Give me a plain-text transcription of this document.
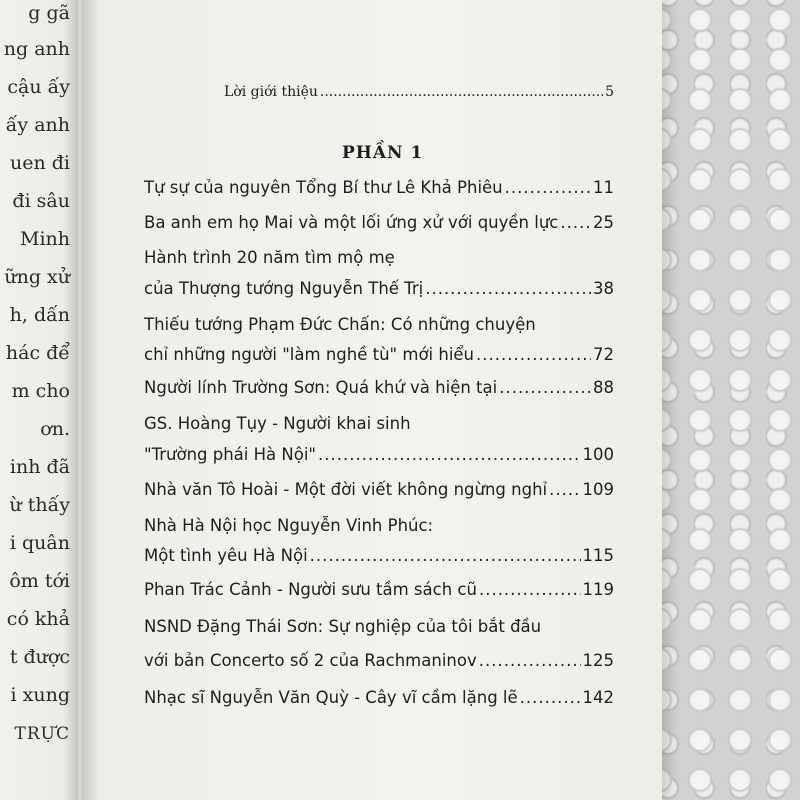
g gã
ng anh
cậu ấy
ấy anh
uen đi
đi sâu
Minh
ững xử
h, dấn
hác để
m cho
ơn.
inh đã
ừ thấy
i quân
ôm tới
có khả
t được
i xung
TRỰC
Lời giới thiệu .....	5
PHẦN 1
Tự sự của nguyên Tổng Bí thư Lê Khả Phiêu .....	11
Ba anh em họ Mai và một lối ứng xử với quyền lực ..... 25
Hành trình 20 năm tìm mộ mẹ
của Thượng tướng Nguyễn Thế Trị .....	38
Thiếu tướng Phạm Đức Chấn: Có những chuyện
chỉ những người "làm nghề tù" mới hiểu .....	72
Người lính Trường Sơn: Quá khứ và hiện tại .....	88
GS. Hoàng Tụy - Người khai sinh
"Trường phái Hà Nội" .....	100
Nhà văn Tô Hoài - Một đời viết không ngừng nghỉ ..... 109
Nhà Hà Nội học Nguyễn Vinh Phúc:
Một tình yêu Hà Nội .....	115
Phan Trác Cảnh - Người sưu tầm sách cũ .....	119
NSND Đặng Thái Sơn: Sự nghiệp của tôi bắt đầu
với bản Concerto số 2 của Rachmaninov .....	125
Nhạc sĩ Nguyễn Văn Quỳ - Cây vĩ cầm lặng lẽ .....	142
